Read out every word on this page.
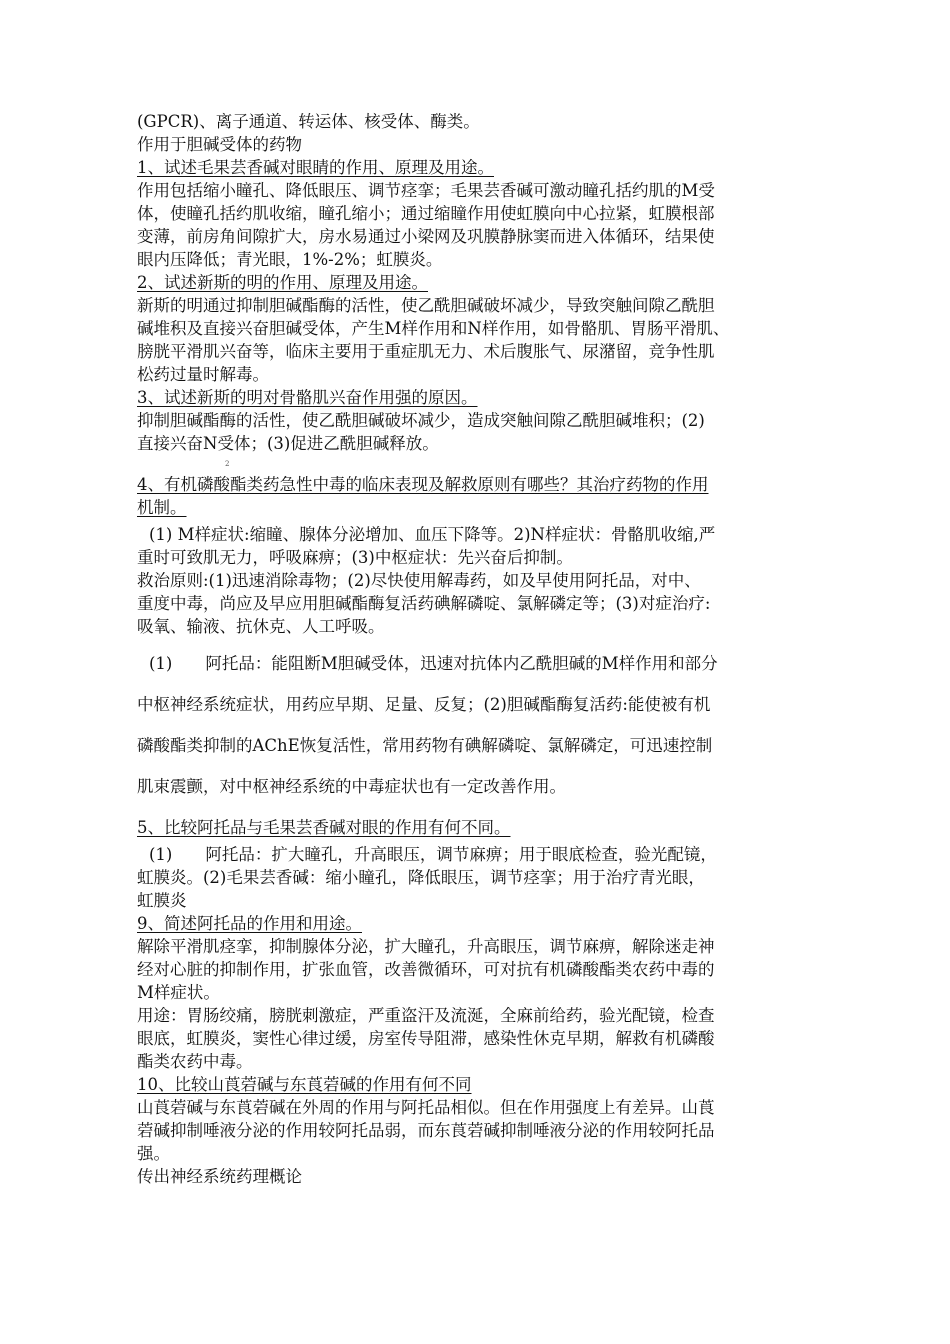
(GPCR)、离子通道、转运体、核受体、酶类。
作用于胆碱受体的药物
1、试述毛果芸香碱对眼睛的作用、原理及用途。
作用包括缩小瞳孔、降低眼压、调节痉挛；毛果芸香碱可激动瞳孔括约肌的M受
体，使瞳孔括约肌收缩，瞳孔缩小；通过缩瞳作用使虹膜向中心拉紧，虹膜根部
变薄，前房角间隙扩大，房水易通过小梁网及巩膜静脉窦而进入体循环，结果使
眼内压降低；青光眼，1%-2%；虹膜炎。
2、试述新斯的明的作用、原理及用途。
新斯的明通过抑制胆碱酯酶的活性，使乙酰胆碱破坏减少，导致突触间隙乙酰胆
碱堆积及直接兴奋胆碱受体，产生M样作用和N样作用，如骨骼肌、胃肠平滑肌、
膀胱平滑肌兴奋等，临床主要用于重症肌无力、术后腹胀气、尿潴留，竞争性肌
松药过量时解毒。
3、试述新斯的明对骨骼肌兴奋作用强的原因。
抑制胆碱酯酶的活性，使乙酰胆碱破坏减少，造成突触间隙乙酰胆碱堆积；(2)
直接兴奋N受体；(3)促进乙酰胆碱释放。
2
4、有机磷酸酯类药急性中毒的临床表现及解救原则有哪些？其治疗药物的作用
机制。
(1) M样症状:缩瞳、腺体分泌增加、血压下降等。2)N样症状：骨骼肌收缩,严
重时可致肌无力，呼吸麻痹；(3)中枢症状：先兴奋后抑制。
救治原则:(1)迅速消除毒物；(2)尽快使用解毒药，如及早使用阿托品，对中、
重度中毒，尚应及早应用胆碱酯酶复活药碘解磷啶、氯解磷定等；(3)对症治疗:
吸氧、输液、抗休克、人工呼吸。
(1)　　阿托品：能阻断M胆碱受体，迅速对抗体内乙酰胆碱的M样作用和部分
中枢神经系统症状，用药应早期、足量、反复；(2)胆碱酯酶复活药:能使被有机
磷酸酯类抑制的AChE恢复活性，常用药物有碘解磷啶、氯解磷定，可迅速控制
肌束震颤，对中枢神经系统的中毒症状也有一定改善作用。
5、比较阿托品与毛果芸香碱对眼的作用有何不同。
(1)　　阿托品：扩大瞳孔，升高眼压，调节麻痹；用于眼底检查，验光配镜，
虹膜炎。(2)毛果芸香碱：缩小瞳孔，降低眼压，调节痉挛；用于治疗青光眼，
虹膜炎
9、简述阿托品的作用和用途。
解除平滑肌痉挛，抑制腺体分泌，扩大瞳孔，升高眼压，调节麻痹，解除迷走神
经对心脏的抑制作用，扩张血管，改善微循环，可对抗有机磷酸酯类农药中毒的
M样症状。
用途：胃肠绞痛，膀胱刺激症，严重盗汗及流涎，全麻前给药，验光配镜，检查
眼底，虹膜炎，窦性心律过缓，房室传导阻滞，感染性休克早期，解救有机磷酸
酯类农药中毒。
10、比较山莨菪碱与东莨菪碱的作用有何不同
山莨菪碱与东莨菪碱在外周的作用与阿托品相似。但在作用强度上有差异。山莨
菪碱抑制唾液分泌的作用较阿托品弱，而东莨菪碱抑制唾液分泌的作用较阿托品
强。
传出神经系统药理概论
